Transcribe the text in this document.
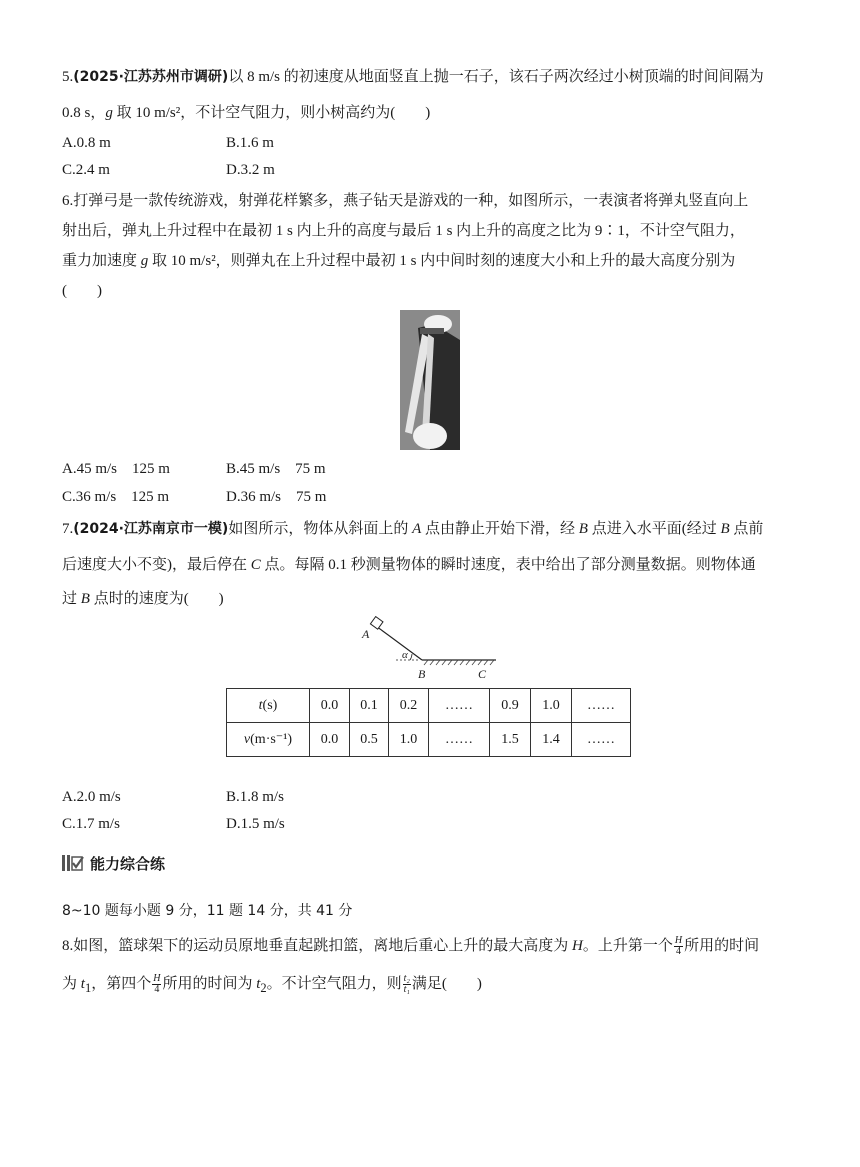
5.(2025·江苏苏州市调研)以 8 m/s 的初速度从地面竖直上抛一石子，该石子两次经过小树顶端的时间间隔为
0.8 s，g 取 10 m/s²，不计空气阻力，则小树高约为(　　)
A.0.8 m	B.1.6 m
C.2.4 m	D.3.2 m
6.打弹弓是一款传统游戏，射弹花样繁多，燕子钻天是游戏的一种，如图所示，一表演者将弹丸竖直向上
射出后，弹丸上升过程中在最初 1 s 内上升的高度与最后 1 s 内上升的高度之比为 9∶1，不计空气阻力，
重力加速度 g 取 10 m/s²，则弹丸在上升过程中最初 1 s 内中间时刻的速度大小和上升的最大高度分别为
(　　)
A.45 m/s　125 m	B.45 m/s　75 m
C.36 m/s　125 m	D.36 m/s　75 m
7.(2024·江苏南京市一模)如图所示，物体从斜面上的 A 点由静止开始下滑，经 B 点进入水平面(经过 B 点前
后速度大小不变)，最后停在 C 点。每隔 0.1 秒测量物体的瞬时速度，表中给出了部分测量数据。则物体通
过 B 点时的速度为(　　)
A.2.0 m/s	B.1.8 m/s
C.1.7 m/s	D.1.5 m/s
8~10 题每小题 9 分，11 题 14 分，共 41 分
8.如图，篮球架下的运动员原地垂直起跳扣篮，离地后重心上升的最大高度为 H。上升第一个 $\frac{H}{4}$ 所用的时间
为 $t_1$，第四个 $\frac{H}{4}$ 所用的时间为 $t_2$。不计空气阻力，则 $\frac{\text{t₂}}{\text{t₁}}$ 满足(　　)
A
α
B	C
t(s)	0.0	0.1	0.2	……	0.9	1.0	……
v(m·s⁻¹)	0.0	0.5	1.0	……	1.5	1.4	……
能力综合练
